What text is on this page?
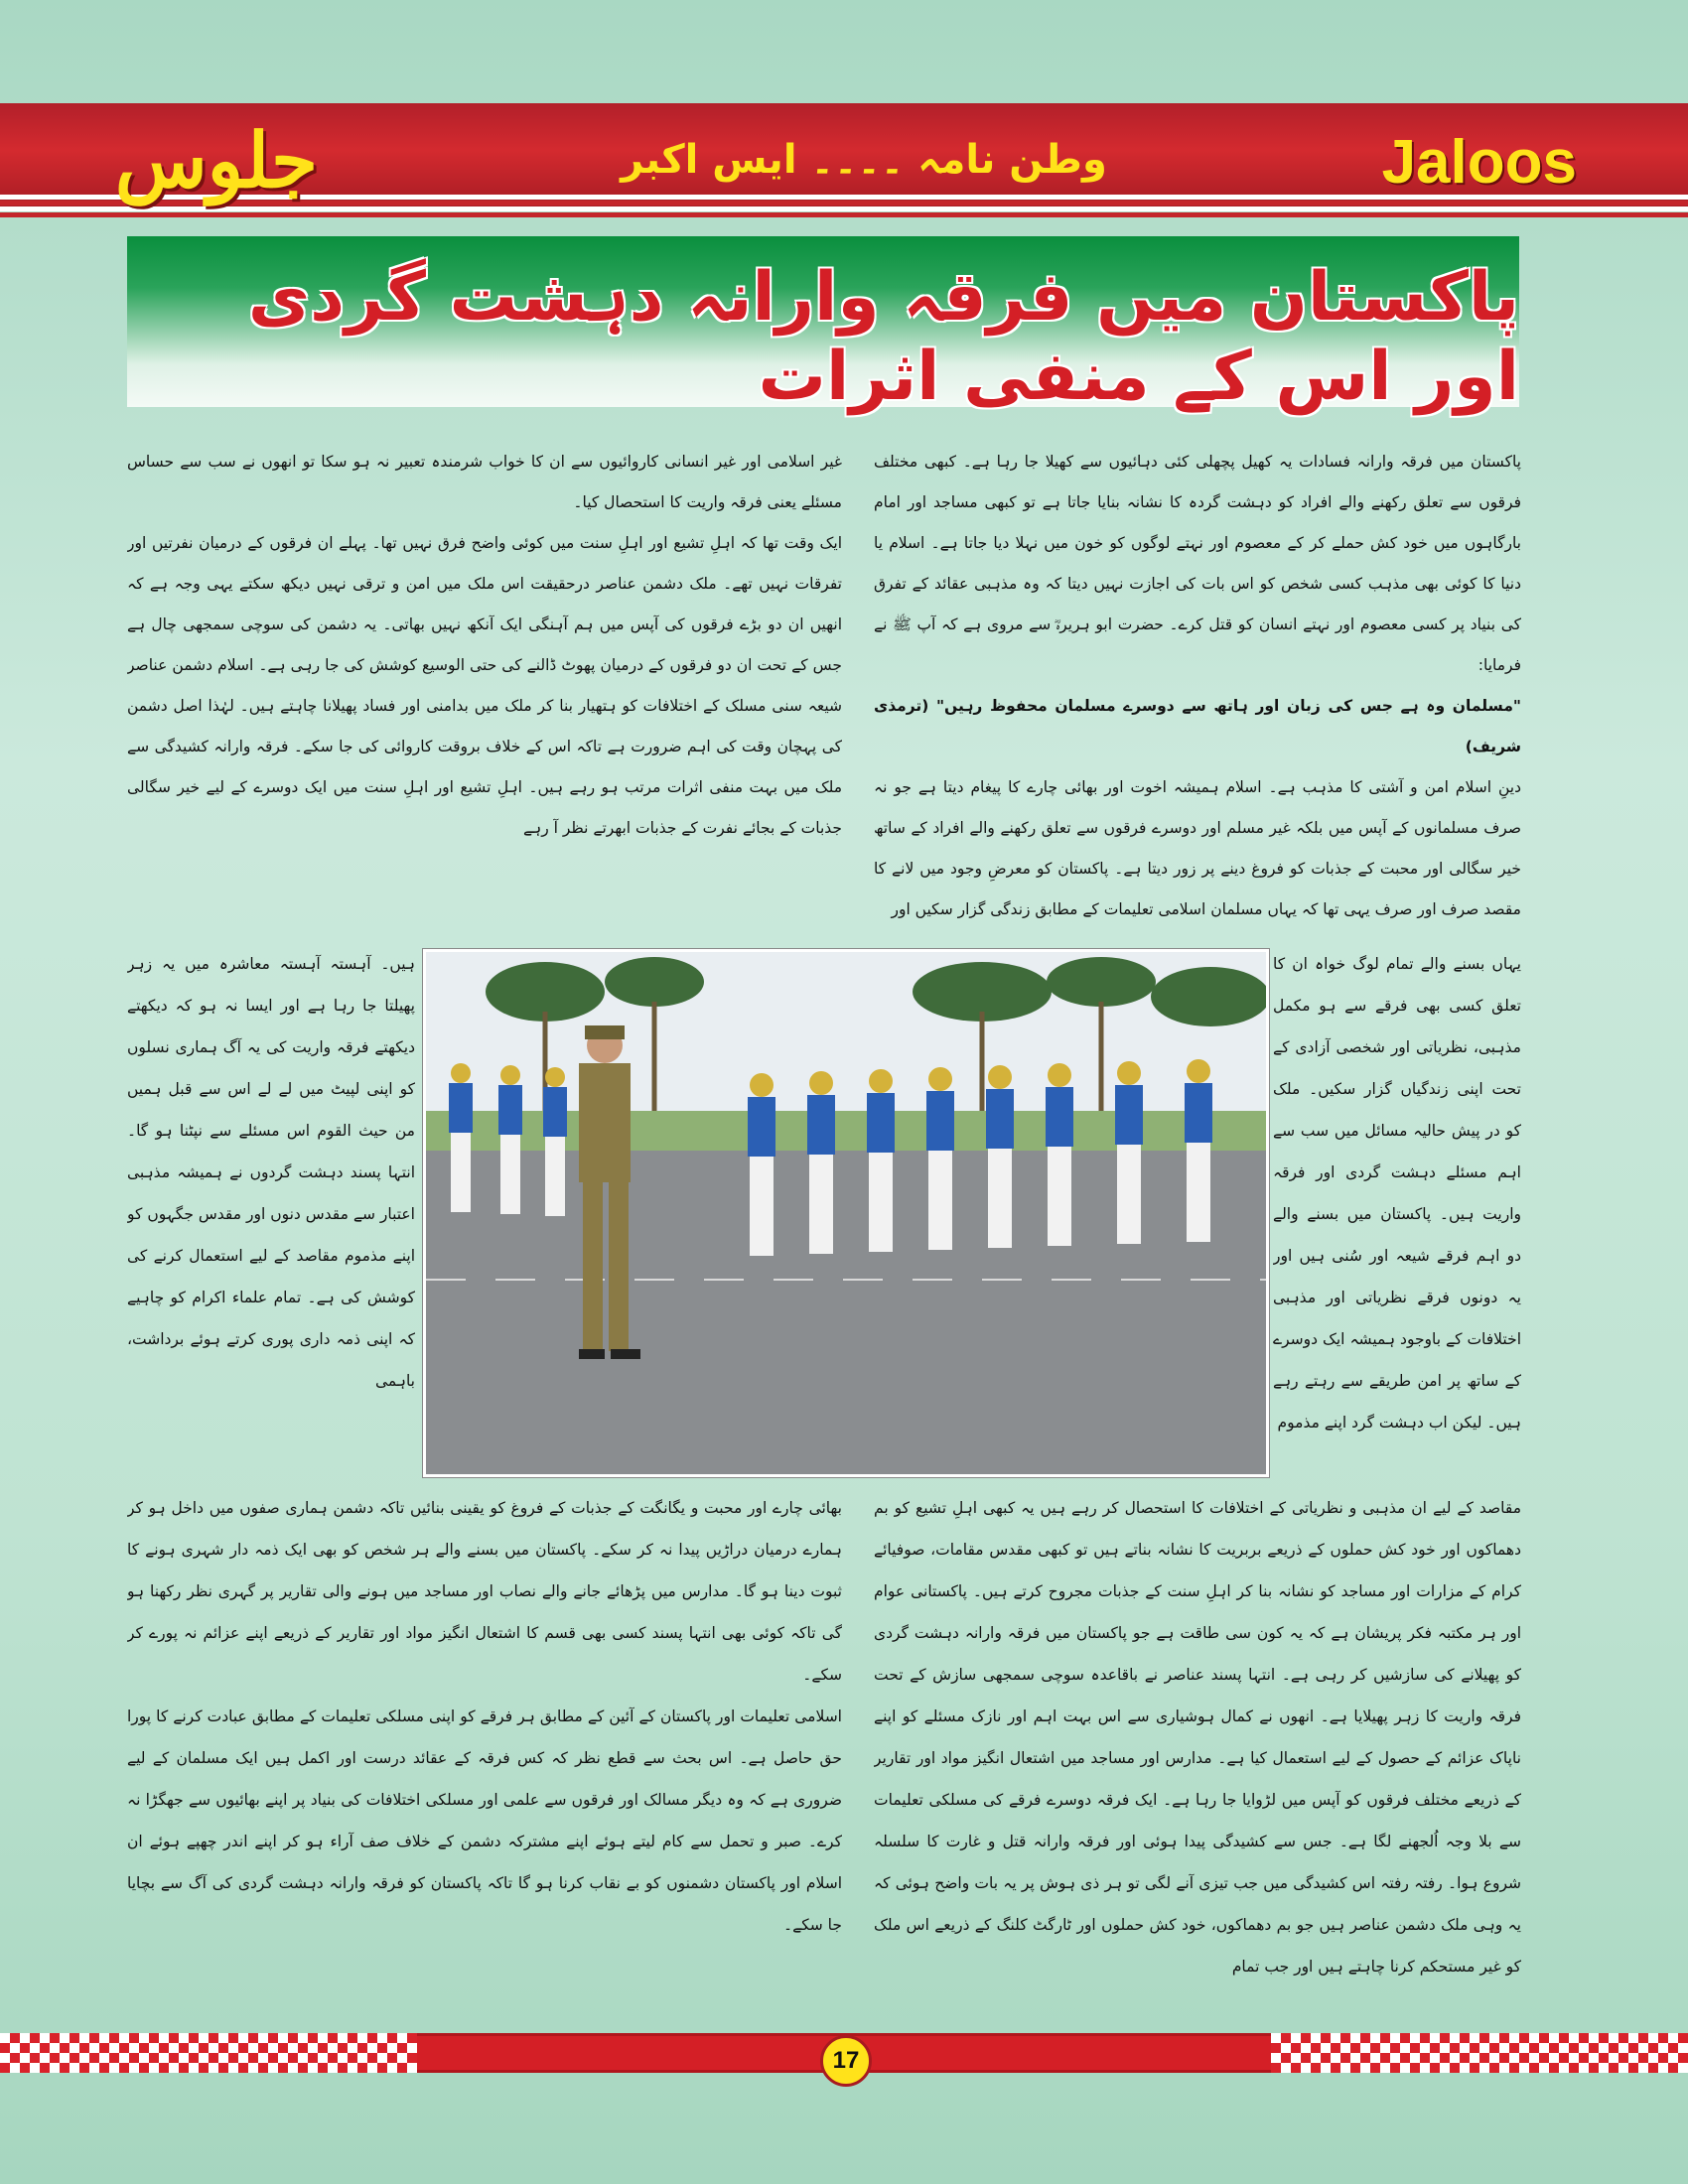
جلوس	وطن نامہ ۔۔۔۔ ایس اکبر	Jaloos
پاکستان میں فرقہ وارانہ دہشت گردی اور اس کے منفی اثرات

پاکستان میں فرقہ وارانہ فسادات یہ کھیل پچھلی کئی دہائیوں سے کھیلا جا رہا ہے۔ کبھی مختلف فرقوں سے تعلق رکھنے والے افراد کو دہشت گردہ کا نشانہ بنایا جاتا ہے تو کبھی مساجد اور امام بارگاہوں میں خود کش حملے کر کے معصوم اور نہتے لوگوں کو خون میں نہلا دیا جاتا ہے۔ اسلام یا دنیا کا کوئی بھی مذہب کسی شخص کو اس بات کی اجازت نہیں دیتا کہ وہ مذہبی عقائد کے تفرق کی بنیاد پر کسی معصوم اور نہتے انسان کو قتل کرے۔ حضرت ابو ہریرہؓ سے مروی ہے کہ آپ ﷺ نے فرمایا:

"مسلمان وہ ہے جس کی زبان اور ہاتھ سے دوسرے مسلمان محفوظ رہیں" (ترمذی شریف)

دینِ اسلام امن و آشتی کا مذہب ہے۔ اسلام ہمیشہ اخوت اور بھائی چارے کا پیغام دیتا ہے جو نہ صرف مسلمانوں کے آپس میں بلکہ غیر مسلم اور دوسرے فرقوں سے تعلق رکھنے والے افراد کے ساتھ خیر سگالی اور محبت کے جذبات کو فروغ دینے پر زور دیتا ہے۔ پاکستان کو معرضِ وجود میں لانے کا مقصد صرف اور صرف یہی تھا کہ یہاں مسلمان اسلامی تعلیمات کے مطابق زندگی گزار سکیں اور

غیر اسلامی اور غیر انسانی کاروائیوں سے ان کا خواب شرمندہ تعبیر نہ ہو سکا تو انھوں نے سب سے حساس مسئلے یعنی فرقہ واریت کا استحصال کیا۔

ایک وقت تھا کہ اہلِ تشیع اور اہلِ سنت میں کوئی واضح فرق نہیں تھا۔ پہلے ان فرقوں کے درمیان نفرتیں اور تفرقات نہیں تھے۔ ملک دشمن عناصر درحقیقت اس ملک میں امن و ترقی نہیں دیکھ سکتے یہی وجہ ہے کہ انھیں ان دو بڑے فرقوں کی آپس میں ہم آہنگی ایک آنکھ نہیں بھاتی۔ یہ دشمن کی سوچی سمجھی چال ہے جس کے تحت ان دو فرقوں کے درمیان پھوٹ ڈالنے کی حتی الوسیع کوشش کی جا رہی ہے۔ اسلام دشمن عناصر شیعہ سنی مسلک کے اختلافات کو ہتھیار بنا کر ملک میں بدامنی اور فساد پھیلانا چاہتے ہیں۔ لہٰذا اصل دشمن کی پہچان وقت کی اہم ضرورت ہے تاکہ اس کے خلاف بروقت کاروائی کی جا سکے۔ فرقہ وارانہ کشیدگی سے ملک میں بہت منفی اثرات مرتب ہو رہے ہیں۔ اہلِ تشیع اور اہلِ سنت میں ایک دوسرے کے لیے خیر سگالی جذبات کے بجائے نفرت کے جذبات ابھرتے نظر آ رہے

یہاں بسنے والے تمام لوگ خواہ ان کا تعلق کسی بھی فرقے سے ہو مکمل مذہبی، نظریاتی اور شخصی آزادی کے تحت اپنی زندگیاں گزار سکیں۔ ملک کو در پیش حالیہ مسائل میں سب سے اہم مسئلے دہشت گردی اور فرقہ واریت ہیں۔ پاکستان میں بسنے والے دو اہم فرقے شیعہ اور سُنی ہیں اور یہ دونوں فرقے نظریاتی اور مذہبی اختلافات کے باوجود ہمیشہ ایک دوسرے کے ساتھ پر امن طریقے سے رہتے رہے ہیں۔ لیکن اب دہشت گرد اپنے مذموم
ہیں۔ آہستہ آہستہ معاشرہ میں یہ زہر پھیلتا جا رہا ہے اور ایسا نہ ہو کہ دیکھتے دیکھتے فرقہ واریت کی یہ آگ ہماری نسلوں کو اپنی لپیٹ میں لے لے اس سے قبل ہمیں من حیث القوم اس مسئلے سے نپٹنا ہو گا۔ انتہا پسند دہشت گردوں نے ہمیشہ مذہبی اعتبار سے مقدس دنوں اور مقدس جگہوں کو اپنے مذموم مقاصد کے لیے استعمال کرنے کی کوشش کی ہے۔ تمام علماء اکرام کو چاہیے کہ اپنی ذمہ داری پوری کرتے ہوئے برداشت، باہمی
مقاصد کے لیے ان مذہبی و نظریاتی کے اختلافات کا استحصال کر رہے ہیں یہ کبھی اہلِ تشیع کو بم دھماکوں اور خود کش حملوں کے ذریعے بربریت کا نشانہ بناتے ہیں تو کبھی مقدس مقامات، صوفیائے کرام کے مزارات اور مساجد کو نشانہ بنا کر اہلِ سنت کے جذبات مجروح کرتے ہیں۔ پاکستانی عوام اور ہر مکتبہ فکر پریشان ہے کہ یہ کون سی طاقت ہے جو پاکستان میں فرقہ وارانہ دہشت گردی کو پھیلانے کی سازشیں کر رہی ہے۔ انتہا پسند عناصر نے باقاعدہ سوچی سمجھی سازش کے تحت فرقہ واریت کا زہر پھیلایا ہے۔ انھوں نے کمال ہوشیاری سے اس بہت اہم اور نازک مسئلے کو اپنے ناپاک عزائم کے حصول کے لیے استعمال کیا ہے۔ مدارس اور مساجد میں اشتعال انگیز مواد اور تقاریر کے ذریعے مختلف فرقوں کو آپس میں لڑوایا جا رہا ہے۔ ایک فرقہ دوسرے فرقے کی مسلکی تعلیمات سے بلا وجہ اُلجھنے لگا ہے۔ جس سے کشیدگی پیدا ہوئی اور فرقہ وارانہ قتل و غارت کا سلسلہ شروع ہوا۔ رفتہ رفتہ اس کشیدگی میں جب تیزی آنے لگی تو ہر ذی ہوش پر یہ بات واضح ہوئی کہ یہ وہی ملک دشمن عناصر ہیں جو بم دھماکوں، خود کش حملوں اور ٹارگٹ کلنگ کے ذریعے اس ملک کو غیر مستحکم کرنا چاہتے ہیں اور جب تمام

بھائی چارے اور محبت و یگانگت کے جذبات کے فروغ کو یقینی بنائیں تاکہ دشمن ہماری صفوں میں داخل ہو کر ہمارے درمیان دراڑیں پیدا نہ کر سکے۔ پاکستان میں بسنے والے ہر شخص کو بھی ایک ذمہ دار شہری ہونے کا ثبوت دینا ہو گا۔ مدارس میں پڑھائے جانے والے نصاب اور مساجد میں ہونے والی تقاریر پر گہری نظر رکھنا ہو گی تاکہ کوئی بھی انتہا پسند کسی بھی قسم کا اشتعال انگیز مواد اور تقاریر کے ذریعے اپنے عزائم نہ پورے کر سکے۔

اسلامی تعلیمات اور پاکستان کے آئین کے مطابق ہر فرقے کو اپنی مسلکی تعلیمات کے مطابق عبادت کرنے کا پورا حق حاصل ہے۔ اس بحث سے قطع نظر کہ کس فرقہ کے عقائد درست اور اکمل ہیں ایک مسلمان کے لیے ضروری ہے کہ وہ دیگر مسالک اور فرقوں سے علمی اور مسلکی اختلافات کی بنیاد پر اپنے بھائیوں سے جھگڑا نہ کرے۔ صبر و تحمل سے کام لیتے ہوئے اپنے مشترکہ دشمن کے خلاف صف آراء ہو کر اپنے اندر چھپے ہوئے ان اسلام اور پاکستان دشمنوں کو بے نقاب کرنا ہو گا تاکہ پاکستان کو فرقہ وارانہ دہشت گردی کی آگ سے بچایا جا سکے۔

17
